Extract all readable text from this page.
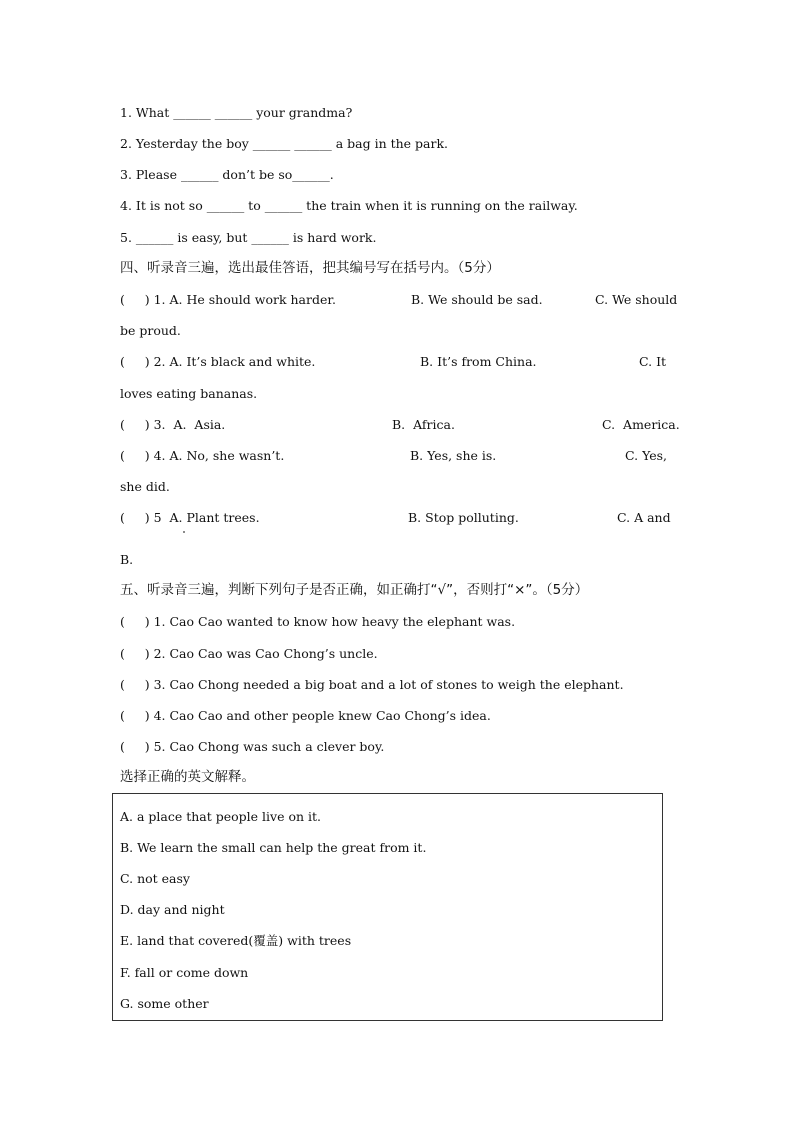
1. What ______ ______ your grandma?
2. Yesterday the boy ______ ______ a bag in the park.
3. Please ______ don’t be so______.
4. It is not so ______ to ______ the train when it is running on the railway.
5. ______ is easy, but ______ is hard work.
四、听录音三遍，选出最佳答语，把其编号写在括号内。（5分）

(     ) 1. A. He should work harder.

	B. We should be sad.

	C. We should

be proud.

(     ) 2. A. It’s black and white.

	B. It’s from China.

	C. It

loves eating bananas.

(     ) 3.  A.  Asia.

	B.  Africa.

	C.  America.

(     ) 4. A. No, she wasn’t.

	B. Yes, she is.

	C. Yes,

she did.

(     ) 5  A. Plant trees.

	B. Stop polluting.

	C. A and

B.
五、听录音三遍，判断下列句子是否正确，如正确打“√”，否则打“×”。（5分）
(     ) 1. Cao Cao wanted to know how heavy the elephant was.
(     ) 2. Cao Cao was Cao Chong’s uncle.
(     ) 3. Cao Chong needed a big boat and a lot of stones to weigh the elephant.
(     ) 4. Cao Cao and other people knew Cao Chong’s idea.
(     ) 5. Cao Chong was such a clever boy.
选择正确的英文解释。
A. a place that people live on it.
B. We learn the small can help the great from it.
C. not easy
D. day and night
E. land that covered(覆盖) with trees
F. fall or come down
G. some other
